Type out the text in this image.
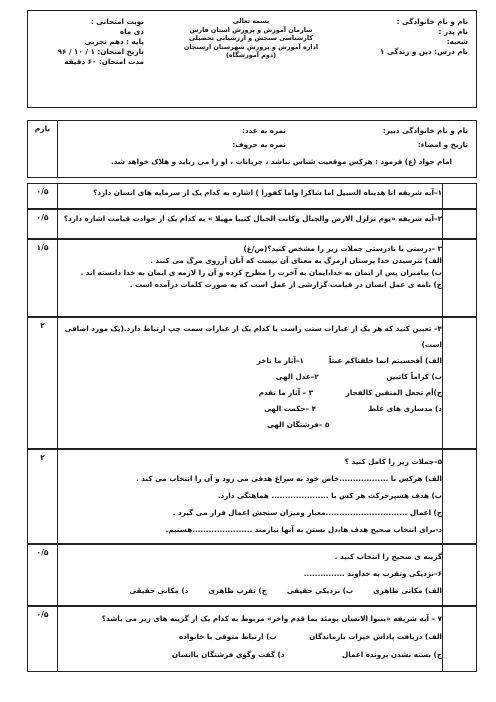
نام و نام خانوادگی :
نام پدر :
شعبه:
نام درس: دین و زندگی ۱
بسمه تعالی
سازمان آموزش و پرورش استان فارس
کارشناسی سنجش و ارزشیابی تحصیلی
اداره آموزش و پرورش شهرستان ارسنجان
(دوم آموزشگاه)
نوبت امتحانی :
دی ماه
پایه : دهم تجربی
تاریخ امتحان: ۱ / ۱۰ / ۹۶
مدت امتحان: ۶۰ دقیقه
بارم	نام و نام خانوادگی دبیر:
نمره به عدد:
تاریخ و امضاء:
نمره به حروف:
امام جواد (ع) فرمود : هرکس موقعیت شناس نباشد ، جریانات ، او را می رباید و هلاک خواهد شد.
۰/۵	۱–آیه شریفه انا هدیناه السبیل اما شاکرا واما کفورا ) اشاره به کدام یک از سرمایه های انسان دارد؟
۰/۵	۲–آیه شریفه «یوم تزلزل الارض والجبال وکانت الجبال کثیبا مهیلا » به کدام یک از حوادث قیامت اشاره دارد؟
۱/۵	۳ –درستی یا نادرستی جملات زیر را مشخص کنید؟(ص/غ)
الف) ثثرسیدن خدا پرستان ازمرگ به معنای آن نیست که آنان آرزوی مرگ می کنند .
ب) پیامبران پس از ایمان به خدا،ایمان به آخرت را مطرح کرده و آن را لازمه ی ایمان به خدا دانسته اند .
ج) نامه ی عمل انسان در قیامت گزارشی از عمل است که به صورت کلمات درآمده است .
۲	۴– تعیین کنید که هر یک از عبارات ستت راست با کدام یک از عبارات سمت چپ ارتباط دارد.(یک مورد اضافی
است)
الف) أفحسبتم انما خلقناکم عبثاً          ۱–آثار ما تاخر
ب) کراماً کاتبین                           ۲–عدل الهی
ج)أم تجعل المتقین کالفجار             ۳ – آثار ما تقدم
د) مدساری های غلط                     ۴ –حکمت الهی
۵ –فرشتگان الهی
۲	۵–جملات زیر را کامل کنید ؟
الف) هرکس با ..................خاص خود به سراغ هدفی می رود و آن را انتخاب می کند .
ب) هدف هسپرحرکت هر کس با ..................... هماهنگی دارد.
ج) اعمال ..............................معیار ومیزان سنجش اعمال قرار می گیرد .
د-برای انتخاب صحیح هدف ها،دل بستن به آنها نیازمند ......................هستیم.
۰/۵	گزینه ی صحیح را انتخاب کنید .
۶–نزدیکی وتقرب به خداوند ...............
الف) مکانی ظاهری        ب) نزدیکی حقیقی        ج) تقرب ظاهری        د) مکانی حقیقی
۰/۵	۷ – آیه شریفه «ینبوا الانسان یومئد بما قدم واخر» مربوط به کدام یک از گزینه های زیر می باشد؟
الف) دریافت پاداش خیرات بازماندگان             ب) ارتباط متوفی با خانواده
ج) بسته نشدن پرونده اعمال                       د) گفت وگوی فرشتگان باانسان
